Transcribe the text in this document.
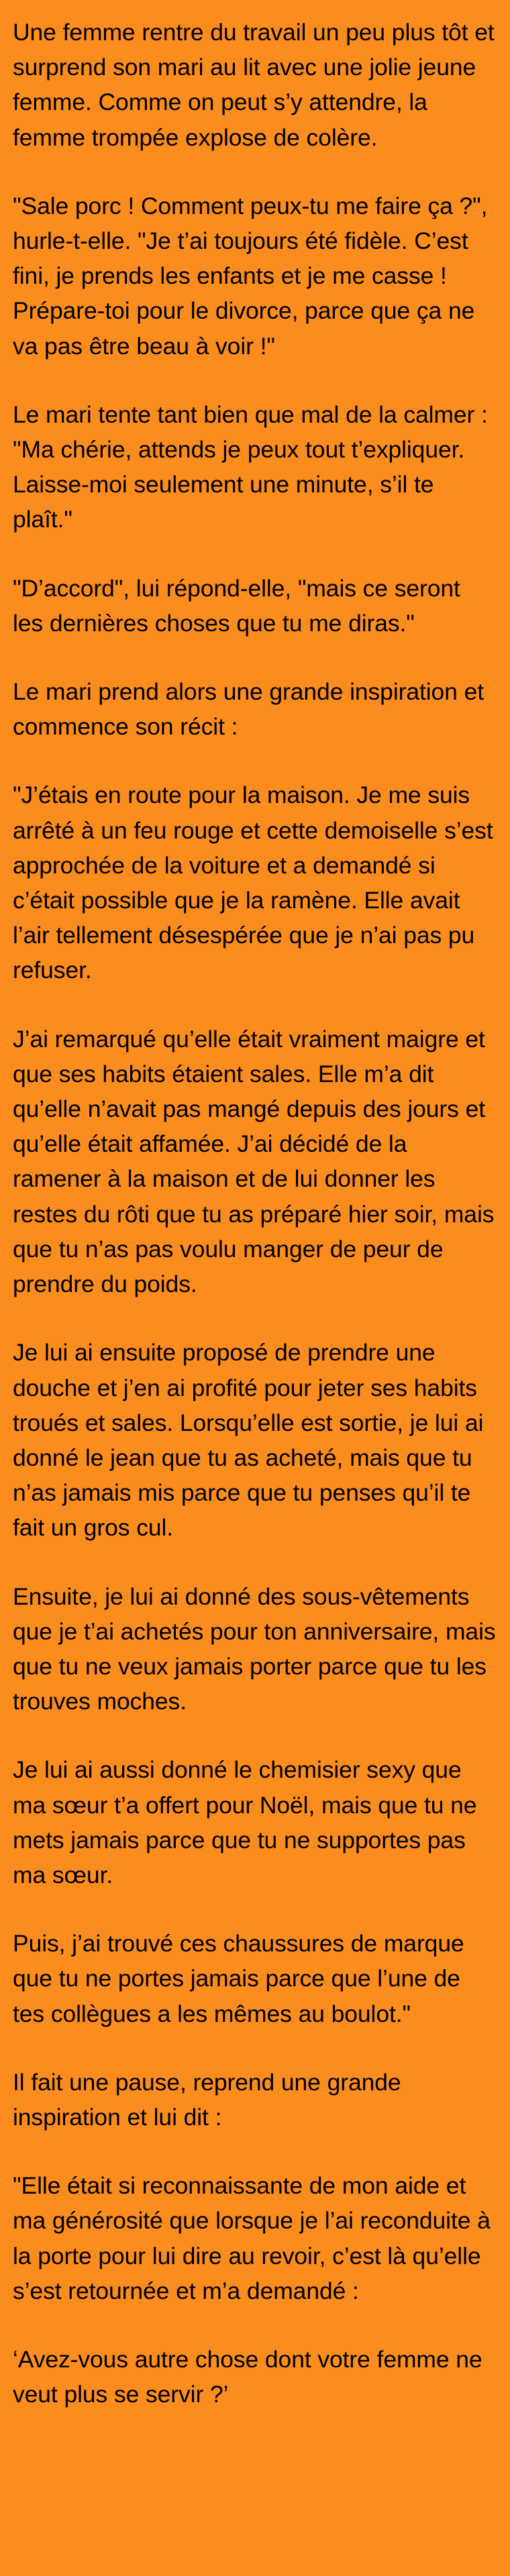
Une femme rentre du travail un peu plus tôt et surprend son mari au lit avec une jolie jeune femme. Comme on peut s’y attendre, la femme trompée explose de colère.

"Sale porc ! Comment peux-tu me faire ça ?", hurle-t-elle. "Je t’ai toujours été fidèle. C’est fini, je prends les enfants et je me casse ! Prépare-toi pour le divorce, parce que ça ne va pas être beau à voir !"

Le mari tente tant bien que mal de la calmer : "Ma chérie, attends je peux tout t’expliquer. Laisse-moi seulement une minute, s’il te plaît."

"D’accord", lui répond-elle, "mais ce seront les dernières choses que tu me diras."

Le mari prend alors une grande inspiration et commence son récit :

"J’étais en route pour la maison. Je me suis arrêté à un feu rouge et cette demoiselle s’est approchée de la voiture et a demandé si c’était possible que je la ramène. Elle avait l’air tellement désespérée que je n’ai pas pu refuser.

J’ai remarqué qu’elle était vraiment maigre et que ses habits étaient sales. Elle m’a dit qu’elle n’avait pas mangé depuis des jours et qu’elle était affamée. J’ai décidé de la ramener à la maison et de lui donner les restes du rôti que tu as préparé hier soir, mais que tu n’as pas voulu manger de peur de prendre du poids.

Je lui ai ensuite proposé de prendre une douche et j’en ai profité pour jeter ses habits troués et sales. Lorsqu’elle est sortie, je lui ai donné le jean que tu as acheté, mais que tu n’as jamais mis parce que tu penses qu’il te fait un gros cul.

Ensuite, je lui ai donné des sous-vêtements que je t’ai achetés pour ton anniversaire, mais que tu ne veux jamais porter parce que tu les trouves moches.

Je lui ai aussi donné le chemisier sexy que ma sœur t’a offert pour Noël, mais que tu ne mets jamais parce que tu ne supportes pas ma sœur.

Puis, j’ai trouvé ces chaussures de marque que tu ne portes jamais parce que l’une de tes collègues a les mêmes au boulot."

Il fait une pause, reprend une grande inspiration et lui dit :

"Elle était si reconnaissante de mon aide et ma générosité que lorsque je l’ai reconduite à la porte pour lui dire au revoir, c’est là qu’elle s’est retournée et m’a demandé :

‘Avez-vous autre chose dont votre femme ne veut plus se servir ?’
